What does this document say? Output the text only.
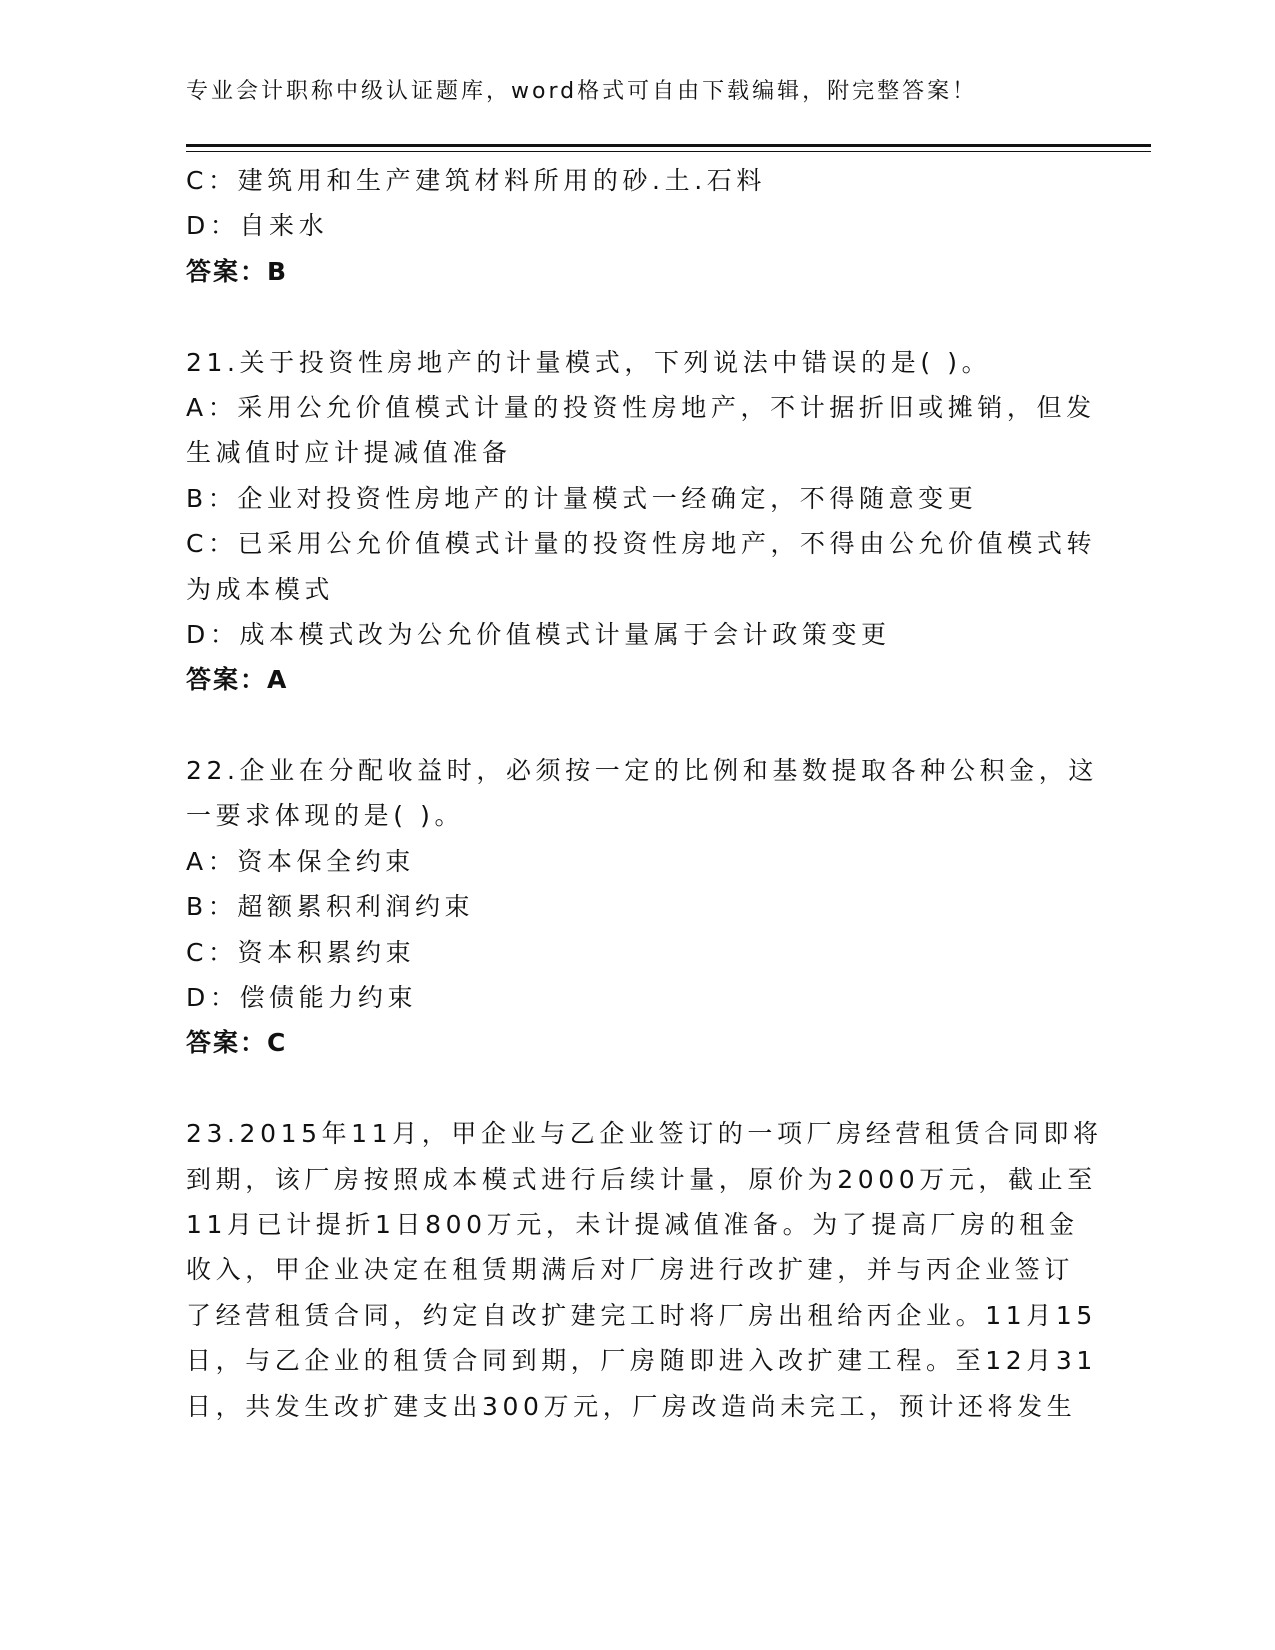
专业会计职称中级认证题库，word格式可自由下载编辑，附完整答案！
C：建筑用和生产建筑材料所用的砂.土.石料
D：自来水
答案：B
21.关于投资性房地产的计量模式，下列说法中错误的是( )。
A：采用公允价值模式计量的投资性房地产，不计据折旧或摊销，但发
生减值时应计提减值准备
B：企业对投资性房地产的计量模式一经确定，不得随意变更
C：已采用公允价值模式计量的投资性房地产，不得由公允价值模式转
为成本模式
D：成本模式改为公允价值模式计量属于会计政策变更
答案：A
22.企业在分配收益时，必须按一定的比例和基数提取各种公积金，这
一要求体现的是( )。
A：资本保全约束
B：超额累积利润约束
C：资本积累约束
D：偿债能力约束
答案：C
23.2015年11月，甲企业与乙企业签订的一项厂房经营租赁合同即将
到期，该厂房按照成本模式进行后续计量，原价为2000万元，截止至
11月已计提折1日800万元，未计提减值准备。为了提高厂房的租金
收入，甲企业决定在租赁期满后对厂房进行改扩建，并与丙企业签订
了经营租赁合同，约定自改扩建完工时将厂房出租给丙企业。11月15
日，与乙企业的租赁合同到期，厂房随即进入改扩建工程。至12月31
日，共发生改扩建支出300万元，厂房改造尚未完工，预计还将发生
